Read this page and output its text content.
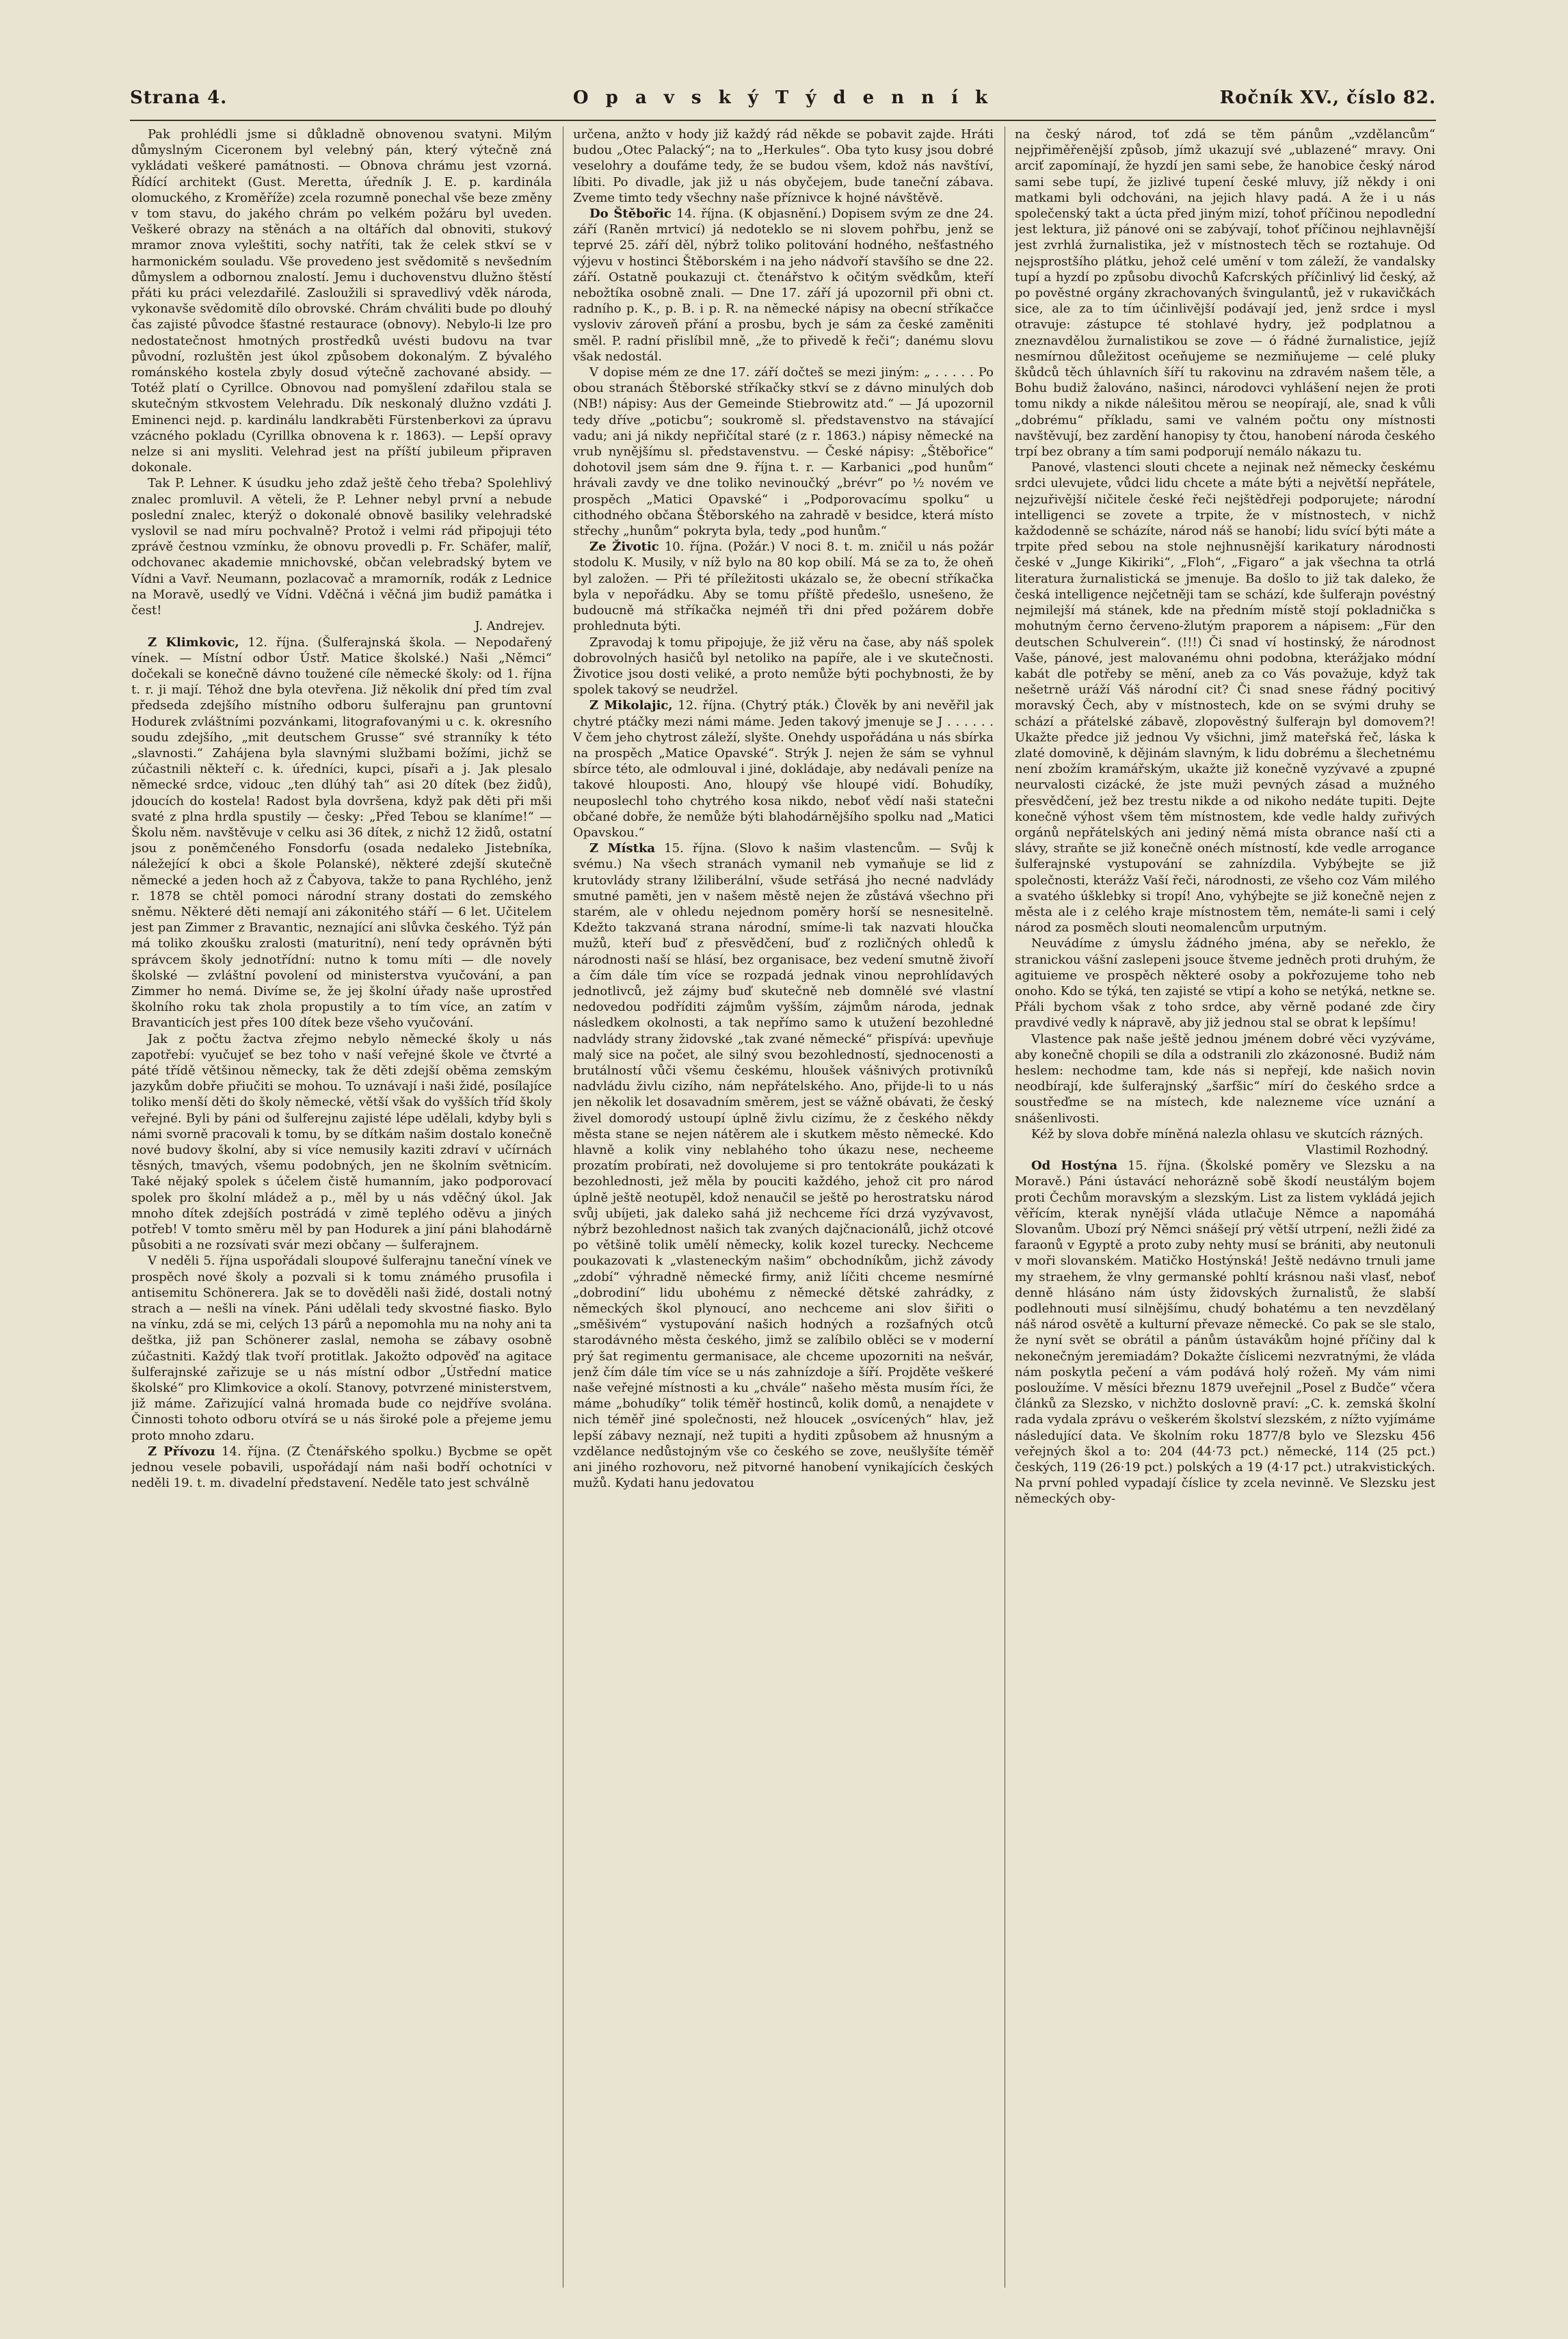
Strana 4.	O p a v s k ý T ý d e n n í k	Ročník XV., číslo 82.

Pak prohlédli jsme si důkladně obnovenou svatyni. Milým důmyslným Ciceronem byl velebný pán, který výtečně zná vykládati veškeré památnosti. — Obnova chrámu jest vzorná. Řídící architekt (Gust. Meretta, úředník J. E. p. kardinála olomuckého, z Kroměříže) zcela rozumně ponechal vše beze změny v tom stavu, do jakého chrám po velkém požáru byl uveden. Veškeré obrazy na stěnách a na oltářích dal obnoviti, stukový mramor znova vyleštiti, sochy natříti, tak že celek stkví se v harmonickém souladu. Vše provedeno jest svědomitě s nevšedním důmyslem a odbornou znalostí. Jemu i duchovenstvu dlužno štěstí přáti ku práci velezdařilé. Zasloužili si spravedlivý vděk národa, vykonavše svědomitě dílo obrovské. Chrám chváliti bude po dlouhý čas zajisté původce šťastné restaurace (obnovy). Nebylo-li lze pro nedostatečnost hmotných prostředků uvésti budovu na tvar původní, rozluštěn jest úkol způsobem dokonalým. Z bývalého románského kostela zbyly dosud výtečně zachované absidy. — Totéž platí o Cyrillce. Obnovou nad pomyšlení zdařilou stala se skutečným stkvostem Velehradu. Dík neskonalý dlužno vzdáti J. Eminenci nejd. p. kardinálu landkraběti Fürstenberkovi za úpravu vzácného pokladu (Cyrillka obnovena k r. 1863). — Lepší opravy nelze si ani mysliti. Velehrad jest na příští jubileum připraven dokonale.

Tak P. Lehner. K úsudku jeho zdaž ještě čeho třeba? Spolehlivý znalec promluvil. A věteli, že P. Lehner nebyl první a nebude poslední znalec, kterýž o dokonalé obnově basiliky velehradské vyslovil se nad míru pochvalně? Protož i velmi rád připojuji této zprávě čestnou vzmínku, že obnovu provedli p. Fr. Schäfer, malíř, odchovanec akademie mnichovské, občan velebradský bytem ve Vídni a Vavř. Neumann, pozlacovač a mramorník, rodák z Lednice na Moravě, usedlý ve Vídni. Vděčná i věčná jim budiž památka i čest!

J. Andrejev.

Z Klimkovic, 12. října. (Šulferajnská škola. — Nepodařený vínek. — Místní odbor Ústř. Matice školské.) Naši „Němci“ dočekali se konečně dávno toužené cíle německé školy: od 1. října t. r. ji mají. Téhož dne byla otevřena. Již několik dní před tím zval předseda zdejšího místního odboru šulferajnu pan gruntovní Hodurek zvláštními pozvánkami, litografovanými u c. k. okresního soudu zdejšího, „mit deutschem Grusse“ své stranníky k této „slavnosti.“ Zahájena byla slavnými službami božími, jichž se zúčastnili někteří c. k. úředníci, kupci, písaři a j. Jak plesalo německé srdce, vidouc „ten dlúhý tah“ asi 20 dítek (bez židů), jdoucích do kostela! Radost byla dovršena, když pak děti při mši svaté z plna hrdla spustily — česky: „Před Tebou se klaníme!“ — Školu něm. navštěvuje v celku asi 36 dítek, z nichž 12 židů, ostatní jsou z poněmčeného Fonsdorfu (osada nedaleko Jistebníka, náležející k obci a škole Polanské), některé zdejší skutečně německé a jeden hoch až z Čabyova, takže to pana Rychlého, jenž r. 1878 se chtěl pomoci národní strany dostati do zemského sněmu. Některé děti nemají ani zákonitého stáří — 6 let. Učitelem jest pan Zimmer z Bravantic, neznající ani slůvka českého. Týž pán má toliko zkoušku zralosti (maturitní), není tedy oprávněn býti správcem školy jednotřídní: nutno k tomu míti — dle novely školské — zvláštní povolení od ministerstva vyučování, a pan Zimmer ho nemá. Divíme se, že jej školní úřady naše uprostřed školního roku tak zhola propustily a to tím více, an zatím v Bravanticích jest přes 100 dítek beze všeho vyučování.

Jak z počtu žactva zřejmo nebylo německé školy u nás zapotřebí: vyučujeť se bez toho v naší veřejné škole ve čtvrté a páté třídě většinou německy, tak že děti zdejší oběma zemským jazykům dobře přiučiti se mohou. To uznávají i naši židé, posílajíce toliko menší děti do školy německé, větší však do vyšších tříd školy veřejné. Byli by páni od šulferejnu zajisté lépe udělali, kdyby byli s námi svorně pracovali k tomu, by se dítkám našim dostalo konečně nové budovy školní, aby si více nemusily kaziti zdraví v učírnách těsných, tmavých, všemu podobných, jen ne školním světnicím. Také nějaký spolek s účelem čistě humanním, jako podporovací spolek pro školní mládež a p., měl by u nás vděčný úkol. Jak mnoho dítek zdejších postrádá v zimě teplého oděvu a jiných potřeb! V tomto směru měl by pan Hodurek a jiní páni blahodárně působiti a ne rozsívati svár mezi občany — šulferajnem.

V neděli 5. října uspořádali sloupové šulferajnu taneční vínek ve prospěch nové školy a pozvali si k tomu známého prusofila i antisemitu Schönerera. Jak se to dověděli naši židé, dostali notný strach a — nešli na vínek. Páni udělali tedy skvostné fiasko. Bylo na vínku, zdá se mi, celých 13 párů a nepomohla mu na nohy ani ta deštka, již pan Schönerer zaslal, nemoha se zábavy osobně zúčastniti. Každý tlak tvoří protitlak. Jakožto odpověď na agitace šulferajnské zařizuje se u nás místní odbor „Ústřední matice školské“ pro Klimkovice a okolí. Stanovy, potvrzené ministerstvem, již máme. Zařizující valná hromada bude co nejdříve svolána. Činnosti tohoto odboru otvírá se u nás široké pole a přejeme jemu proto mnoho zdaru.

Z Přívozu 14. října. (Z Čtenářského spolku.) Bycbme se opět jednou vesele pobavili, uspořádají nám naši bodří ochotníci v neděli 19. t. m. divadelní představení. Neděle tato jest schválně

určena, anžto v hody již každý rád někde se pobavit zajde. Hráti budou „Otec Palacký“; na to „Herkules“. Oba tyto kusy jsou dobré veselohry a doufáme tedy, že se budou všem, kdož nás navštíví, líbiti. Po divadle, jak již u nás obyčejem, bude taneční zábava. Zveme timto tedy všechny naše příznivce k hojné návštěvě.

Do Štěbořic 14. října. (K objasnění.) Dopisem svým ze dne 24. září (Raněn mrtvicí) já nedoteklo se ni slovem pohřbu, jenž se teprvé 25. září děl, nýbrž toliko politování hodného, nešťastného výjevu v hostinci Štěborském i na jeho nádvoří stavšího se dne 22. září. Ostatně poukazuji ct. čtenářstvo k očitým svědkům, kteří nebožtíka osobně znali. — Dne 17. září já upozornil při obni ct. radního p. K., p. B. i p. R. na německé nápisy na obecní stříkačce vysloviv zároveň přání a prosbu, bych je sám za české zaměniti směl. P. radní přislíbil mně, „že to přivedě k řeči“; danému slovu však nedostál.

V dopise mém ze dne 17. září dočteš se mezi jiným: „ . . . . . Po obou stranách Štěborské stříkačky stkví se z dávno minulých dob (NB!) nápisy: Aus der Gemeinde Stiebrowitz atd.“ — Já upozornil tedy dříve „poticbu“; soukromě sl. představenstvo na stávající vadu; ani já nikdy nepřičítal staré (z r. 1863.) nápisy německé na vrub nynějšímu sl. představenstvu. — České nápisy: „Štěbořice“ dohotovil jsem sám dne 9. října t. r. — Karbanici „pod hunům“ hrávali zavdy ve dne toliko nevinoučký „brévr“ po ½ novém ve prospěch „Matici Opavské“ i „Podporovacímu spolku“ u cithodného občana Štěborského na zahradě v besidce, která místo střechy „hunům“ pokryta byla, tedy „pod hunům.“

Ze Životic 10. října. (Požár.) V noci 8. t. m. zničil u nás požár stodolu K. Musily, v níž bylo na 80 kop obilí. Má se za to, že oheň byl založen. — Při té příležitosti ukázalo se, že obecní stříkačka byla v nepořádku. Aby se tomu příště předešlo, usnešeno, že budoucně má stříkačka nejméň tři dni před požárem dobře prohlednuta býti.

Zpravodaj k tomu připojuje, že již věru na čase, aby náš spolek dobrovolných hasičů byl netoliko na papíře, ale i ve skutečnosti. Životice jsou dosti veliké, a proto nemůže býti pochybnosti, že by spolek takový se neudržel.

Z Mikolajic, 12. října. (Chytrý pták.) Člověk by ani nevěřil jak chytré ptáčky mezi námi máme. Jeden takový jmenuje se J . . . . . . V čem jeho chytrost záleží, slyšte. Onehdy uspořádána u nás sbírka na prospěch „Matice Opavské“. Strýk J. nejen že sám se vyhnul sbírce této, ale odmlouval i jiné, dokládaje, aby nedávali peníze na takové hlouposti. Ano, hloupý vše hloupé vidí. Bohudíky, neuposlechl toho chytrého kosa nikdo, neboť vědí naši statečni občané dobře, že nemůže býti blahodárnějšího spolku nad „Matici Opavskou.“

Z Místka 15. října. (Slovo k našim vlastencům. — Svůj k svému.) Na všech stranách vymanil neb vymaňuje se lid z krutovlády strany lžiliberální, všude setřásá jho necné nadvlády smutné paměti, jen v našem městě nejen že zůstává všechno při starém, ale v ohledu nejednom poměry horší se nesnesitelně. Kdežto takzvaná strana národní, smíme-li tak nazvati hloučka mužů, kteří buď z přesvědčení, buď z rozličných ohledů k národnosti naší se hlásí, bez organisace, bez vedení smutně živoří a čím dále tím více se rozpadá jednak vinou neprohlídavých jednotlivců, jež zájmy buď skutečně neb domnělé své vlastní nedovedou podříditi zájmům vyšším, zájmům národa, jednak následkem okolnosti, a tak nepřímo samo k utužení bezohledné nadvlády strany židovské „tak zvané německé“ přispívá: upevňuje malý sice na počet, ale silný svou bezohledností, sjednocenosti a brutálností vůči všemu českému, hloušek vášnivých protivníků nadvládu živlu cizího, nám nepřátelského. Ano, přijde-li to u nás jen několik let dosavadním směrem, jest se vážně obávati, že český živel domorodý ustoupí úplně živlu cizímu, že z českého někdy města stane se nejen nátěrem ale i skutkem město německé. Kdo hlavně a kolik viny neblahého toho úkazu nese, necheeme prozatím probírati, než dovolujeme si pro tentokráte poukázati k bezohlednosti, jež měla by pouciti každého, jehož cit pro národ úplně ještě neotupěl, kdož nenaučil se ještě po herostratsku národ svůj ubíjeti, jak daleko sahá již nechceme říci drzá vyzývavost, nýbrž bezohlednost našich tak zvaných dajčnacionálů, jichž otcové po většině tolik umělí německy, kolik kozel turecky. Nechceme poukazovati k „vlasteneckým našim“ obchodníkům, jichž závody „zdobí“ výhradně německé firmy, aniž líčiti chceme nesmírné „dobrodiní“ lidu ubohému z německé dětské zahrádky, z německých škol plynoucí, ano nechceme ani slov šiřiti o „směšivém“ vystupování našich hodných a rozšafných otců starodávného města českého, jimž se zalíbilo oblěci se v moderní prý šat regimentu germanisace, ale chceme upozorniti na nešvár, jenž čím dále tím více se u nás zahnízdoje a šíří. Projděte veškeré naše veřejné místnosti a ku „chvále“ našeho města musím říci, že máme „bohudíky“ tolik téměř hostinců, kolik domů, a nenajdete v nich téměř jiné společnosti, než hloucek „osvícených“ hlav, jež lepší zábavy neznají, než tupiti a hyditi způsobem až hnusným a vzdělance nedůstojným vše co českého se zove, neušlyšíte téměř ani jiného rozhovoru, než pitvorné hanobení vynikajících českých mužů. Kydati hanu jedovatou

na český národ, toť zdá se těm pánům „vzdělancům“ nejpřiměřenější způsob, jímž ukazují své „ublazené“ mravy. Oni arciť zapomínají, že hyzdí jen sami sebe, že hanobice český národ sami sebe tupí, že jizlivé tupení české mluvy, jíž někdy i oni matkami byli odchováni, na jejich hlavy padá. A že i u nás společenský takt a úcta před jiným mizí, tohoť příčinou nepodlední jest lektura, již pánové oni se zabývají, tohoť příčinou nejhlavnější jest zvrhlá žurnalistika, jež v místnostech těch se roztahuje. Od nejsprostšího plátku, jehož celé umění v tom záleží, že vandalsky tupí a hyzdí po způsobu divochů Kafcrských příčinlivý lid český, až po pověstné orgány zkrachovaných švingulantů, jež v rukavičkách sice, ale za to tím účinlivější podávají jed, jenž srdce i mysl otravuje: zástupce té stohlavé hydry, jež podplatnou a zneznavdělou žurnalistikou se zove — ó řádné žurnalistice, jejíž nesmírnou důležitost oceňujeme se nezmiňujeme — celé pluky škůdců těch úhlavních šíří tu rakovinu na zdravém našem těle, a Bohu budiž žalováno, našinci, národovci vyhlášení nejen že proti tomu nikdy a nikde nálešitou měrou se neopírají, ale, snad k vůli „dobrému“ příkladu, sami ve valném počtu ony místnosti navštěvují, bez zardění hanopisy ty čtou, hanobení národa českého trpí bez obrany a tím sami podporují nemálo nákazu tu.

Panové, vlastenci slouti chcete a nejinak než německy českému srdci ulevujete, vůdci lidu chcete a máte býti a největší nepřátele, nejzuřivější ničitele české řeči nejštědřeji podporujete; národní intelligenci se zovete a trpite, že v místnostech, v nichž každodenně se scházíte, národ náš se hanobí; lidu svící býti máte a trpite před sebou na stole nejhnusnější karikatury národnosti české v „Junge Kikiriki“, „Floh“, „Figaro“ a jak všechna ta otrlá literatura žurnalistická se jmenuje. Ba došlo to již tak daleko, že česká intelligence nejčetněji tam se schází, kde šulferajn povéstný nejmilejší má stánek, kde na předním místě stojí pokladnička s mohutným černo červeno-žlutým praporem a nápisem: „Für den deutschen Schulverein“. (!!!) Či snad ví hostinský, že národnost Vaše, pánové, jest malovanému ohni podobna, kterážjako módní kabát dle potřeby se mění, aneb za co Vás považuje, když tak nešetrně uráží Váš národní cit? Či snad snese řádný pocitivý moravský Čech, aby v místnostech, kde on se svými druhy se schází a přátelské zábavě, zlopověstný šulferajn byl domovem?! Ukažte předce již jednou Vy všichni, jimž mateřská řeč, láska k zlaté domovině, k dějinám slavným, k lidu dobrému a šlechetnému není zbožím kramářským, ukažte již konečně vyzývavé a zpupné neurvalosti cizácké, že jste muži pevných zásad a mužného přesvědčení, jež bez trestu nikde a od nikoho nedáte tupiti. Dejte konečně výhost všem těm místnostem, kde vedle haldy zuřivých orgánů nepřátelských ani jediný němá místa obrance naší cti a slávy, straňte se již konečně onéch místností, kde vedle arrogance šulferajnské vystupování se zahnízdila. Vybýbejte se již společnosti, kterážz Vaší řeči, národnosti, ze všeho coz Vám milého a svatého úšklebky si tropí! Ano, vyhýbejte se již konečně nejen z města ale i z celého kraje místnostem těm, nemáte-li sami i celý národ za posměch slouti neomalencům urputným.

Neuvádíme z úmyslu žádného jména, aby se neřeklo, že stranickou vášní zaslepeni jsouce štveme jedněch proti druhým, že agituieme ve prospěch některé osoby a pokřozujeme toho neb onoho. Kdo se týká, ten zajisté se vtipí a koho se netýká, netkne se. Přáli bychom však z toho srdce, aby věrně podané zde čiry pravdivé vedly k nápravě, aby již jednou stal se obrat k lepšímu!

Vlastence pak naše ještě jednou jménem dobré věci vyzýváme, aby konečně chopili se díla a odstranili zlo zkázonosné. Budiž nám heslem: nechodme tam, kde nás si nepřejí, kde našich novin neodbírají, kde šulferajnský „šarfšic“ mírí do českého srdce a soustřeďme se na místech, kde nalezneme více uznání a snášenlivosti.

Kéž by slova dobře míněná nalezla ohlasu ve skutcích rázných.

Vlastimil Rozhodný.

Od Hostýna 15. října. (Školské poměry ve Slezsku a na Moravě.) Páni ústavácí nehorázně sobě škodí neustálým bojem proti Čechům moravským a slezským. List za listem vykládá jejich věřícím, kterak nynější vláda utlačuje Němce a napomáhá Slovanům. Ubozí prý Němci snášejí prý větší utrpení, nežli židé za faraonů v Egyptě a proto zuby nehty musí se brániti, aby neutonuli v moři slovanském. Matičko Hostýnská! Ještě nedávno trnuli jame my straehem, že vlny germanské pohltí krásnou naši vlasť, neboť denně hlásáno nám ústy židovských žurnalistů, že slabší podlehnouti musí silnějšímu, chudý bohatému a ten nevzdělaný náš národ osvětě a kulturní převaze německé. Co pak se sle stalo, že nyní svět se obrátil a pánům ústavákům hojné příčiny dal k nekonečným jeremiadám? Dokažte číslicemi nezvratnými, že vláda nám poskytla pečení a vám podává holý rožeň. My vám nimi posloužíme. V měsíci březnu 1879 uveřejnil „Posel z Budče“ včera článků za Slezsko, v nichžto doslovně praví: „C. k. zemská školní rada vydala zprávu o veškerém školství slezském, z nížto vyjímáme následující data. Ve školním roku 1877/8 bylo ve Slezsku 456 veřejných škol a to: 204 (44·73 pct.) německé, 114 (25 pct.) českých, 119 (26·19 pct.) polských a 19 (4·17 pct.) utrakvistických. Na první pohled vypadají číslice ty zcela nevinně. Ve Slezsku jest německých oby-
